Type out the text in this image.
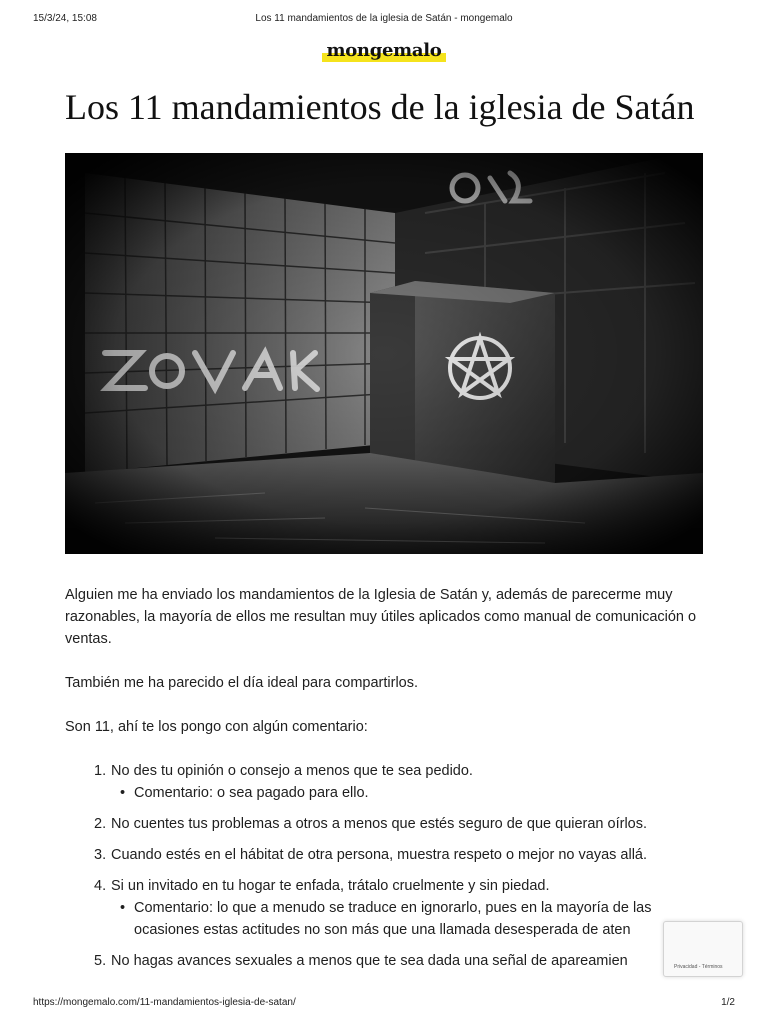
15/3/24, 15:08	Los 11 mandamientos de la iglesia de Satán - mongemalo
mongemalo
Los 11 mandamientos de la iglesia de Satán

Alguien me ha enviado los mandamientos de la Iglesia de Satán y, además de parecerme muy razonables, la mayoría de ellos me resultan muy útiles aplicados como manual de comunicación o ventas.

También me ha parecido el día ideal para compartirlos.

Son 11, ahí te los pongo con algún comentario:

1. No des tu opinión o consejo a menos que te sea pedido.
• Comentario: o sea pagado para ello.
2. No cuentes tus problemas a otros a menos que estés seguro de que quieran oírlos.
3. Cuando estés en el hábitat de otra persona, muestra respeto o mejor no vayas allá.
4. Si un invitado en tu hogar te enfada, trátalo cruelmente y sin piedad.
• Comentario: lo que a menudo se traduce en ignorarlo, pues en la mayoría de las ocasiones estas actitudes no son más que una llamada desesperada de aten
5. No hagas avances sexuales a menos que te sea dada una señal de apareamien	Privacidad - Términos
https://mongemalo.com/11-mandamientos-iglesia-de-satan/	1/2
